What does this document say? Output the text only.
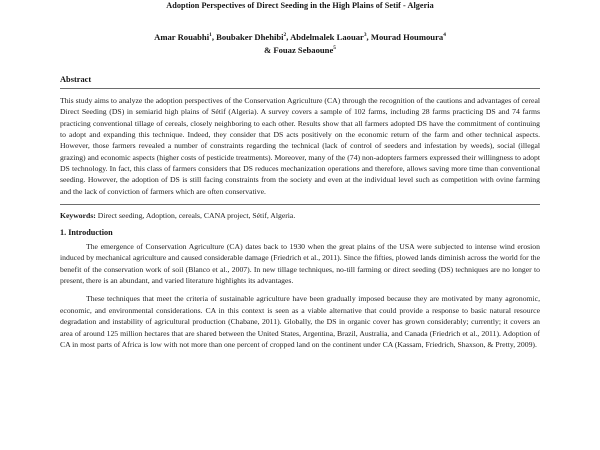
Adoption Perspectives of Direct Seeding in the High Plains of Setif - Algeria
Amar Rouabhi$^1$, Boubaker Dhehibi$^2$, Abdelmalek Laouar$^3$, Mourad Houmoura$^4$
& Fouaz Sebaoune$^5$
Abstract

This study aims to analyze the adoption perspectives of the Conservation Agriculture (CA) through the recognition of the cautions and advantages of cereal Direct Seeding (DS) in semiarid high plains of Sétif (Algeria). A survey covers a sample of 102 farms, including 28 farms practicing DS and 74 farms practicing conventional tillage of cereals, closely neighboring to each other. Results show that all farmers adopted DS have the commitment of continuing to adopt and expanding this technique. Indeed, they consider that DS acts positively on the economic return of the farm and other technical aspects. However, those farmers revealed a number of constraints regarding the technical (lack of control of seeders and infestation by weeds), social (illegal grazing) and economic aspects (higher costs of pesticide treatments). Moreover, many of the (74) non-adopters farmers expressed their willingness to adopt DS technology. In fact, this class of farmers considers that DS reduces mechanization operations and therefore, allows saving more time than conventional seeding. However, the adoption of DS is still facing constraints from the society and even at the individual level such as competition with ovine farming and the lack of conviction of farmers which are often conservative.

Keywords: Direct seeding, Adoption, cereals, CANA project, Sétif, Algeria.

1. Introduction

The emergence of Conservation Agriculture (CA) dates back to 1930 when the great plains of the USA were subjected to intense wind erosion induced by mechanical agriculture and caused considerable damage (Friedrich et al., 2011). Since the fifties, plowed lands diminish across the world for the benefit of the conservation work of soil (Blanco et al., 2007). In new tillage techniques, no-till farming or direct seeding (DS) techniques are no longer to present, there is an abundant, and varied literature highlights its advantages.

These techniques that meet the criteria of sustainable agriculture have been gradually imposed because they are motivated by many agronomic, economic, and environmental considerations. CA in this context is seen as a viable alternative that could provide a response to basic natural resource degradation and instability of agricultural production (Chabane, 2011). Globally, the DS in organic cover has grown considerably; currently; it covers an area of around 125 million hectares that are shared between the United States, Argentina, Brazil, Australia, and Canada (Friedrich et al., 2011). Adoption of CA in most parts of Africa is low with not more than one percent of cropped land on the continent under CA (Kassam, Friedrich, Shaxson, & Pretty, 2009).
